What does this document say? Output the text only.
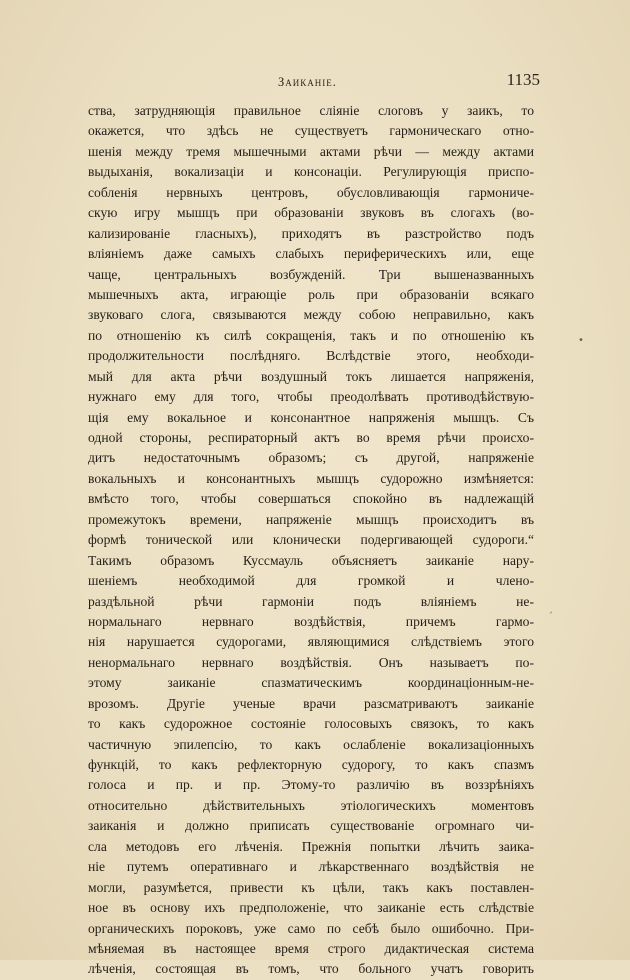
Заиканіе.	1135
ства, затрудняющія правильное сліяніе слоговъ у заикъ, то
окажется, что здѣсь не существуетъ гармоническаго отно-
шенія между тремя мышечными актами рѣчи — между актами
выдыханія, вокализаціи и консонаціи. Регулирующія приспо-
собленія нервныхъ центровъ, обусловливающія гармониче-
скую игру мышцъ при образованіи звуковъ въ слогахъ (во-
кализированіе гласныхъ), приходятъ въ разстройство подъ
вліяніемъ даже самыхъ слабыхъ периферическихъ или, еще
чаще, центральныхъ возбужденій. Три вышеназванныхъ
мышечныхъ акта, играющіе роль при образованіи всякаго
звуковаго слога, связываются между собою неправильно, какъ
по отношенію къ силѣ сокращенія, такъ и по отношенію къ
продолжительности послѣдняго. Вслѣдствіе этого, необходи-
мый для акта рѣчи воздушный токъ лишается напряженія,
нужнаго ему для того, чтобы преодолѣвать противодѣйствую-
щія ему вокальное и консонантное напряженія мышцъ. Съ
одной стороны, респираторный актъ во время рѣчи происхо-
дитъ недостаточнымъ образомъ; съ другой, напряженіе
вокальныхъ и консонантныхъ мышцъ судорожно измѣняется:
вмѣсто того, чтобы совершаться спокойно въ надлежащій
промежутокъ времени, напряженіе мышцъ происходитъ въ
формѣ тонической или клонически подергивающей судороги.“
Такимъ образомъ Куссмауль объясняетъ заиканіе нару-
шеніемъ необходимой для громкой и члено-
раздѣльной рѣчи гармоніи подъ вліяніемъ не-
нормальнаго нервнаго воздѣйствія, причемъ гармо-
нія нарушается судорогами, являющимися слѣдствіемъ этого
ненормальнаго нервнаго воздѣйствія. Онъ называетъ по-
этому заиканіе спазматическимъ координаціонным-не-
врозомъ. Другіе ученые врачи разсматриваютъ заиканіе
то какъ судорожное состояніе голосовыхъ связокъ, то какъ
частичную эпилепсію, то какъ ослабленіе вокализаціонныхъ
функцій, то какъ рефлекторную судорогу, то какъ спазмъ
голоса и пр. и пр. Этому-то различію въ воззрѣніяхъ
относительно дѣйствительныхъ этіологическихъ моментовъ
заиканія и должно приписать существованіе огромнаго чи-
сла методовъ его лѣченія. Прежнія попытки лѣчить заика-
ніе путемъ оперативнаго и лѣкарственнаго воздѣйствія не
могли, разумѣется, привести къ цѣли, такъ какъ поставлен-
ное въ основу ихъ предположеніе, что заиканіе есть слѣдствіе
органическихъ пороковъ, уже само по себѣ было ошибочно. При-
мѣняемая въ настоящее время строго дидактическая система
лѣченія, состоящая въ томъ, что больного учатъ говорить
•
ˏ
